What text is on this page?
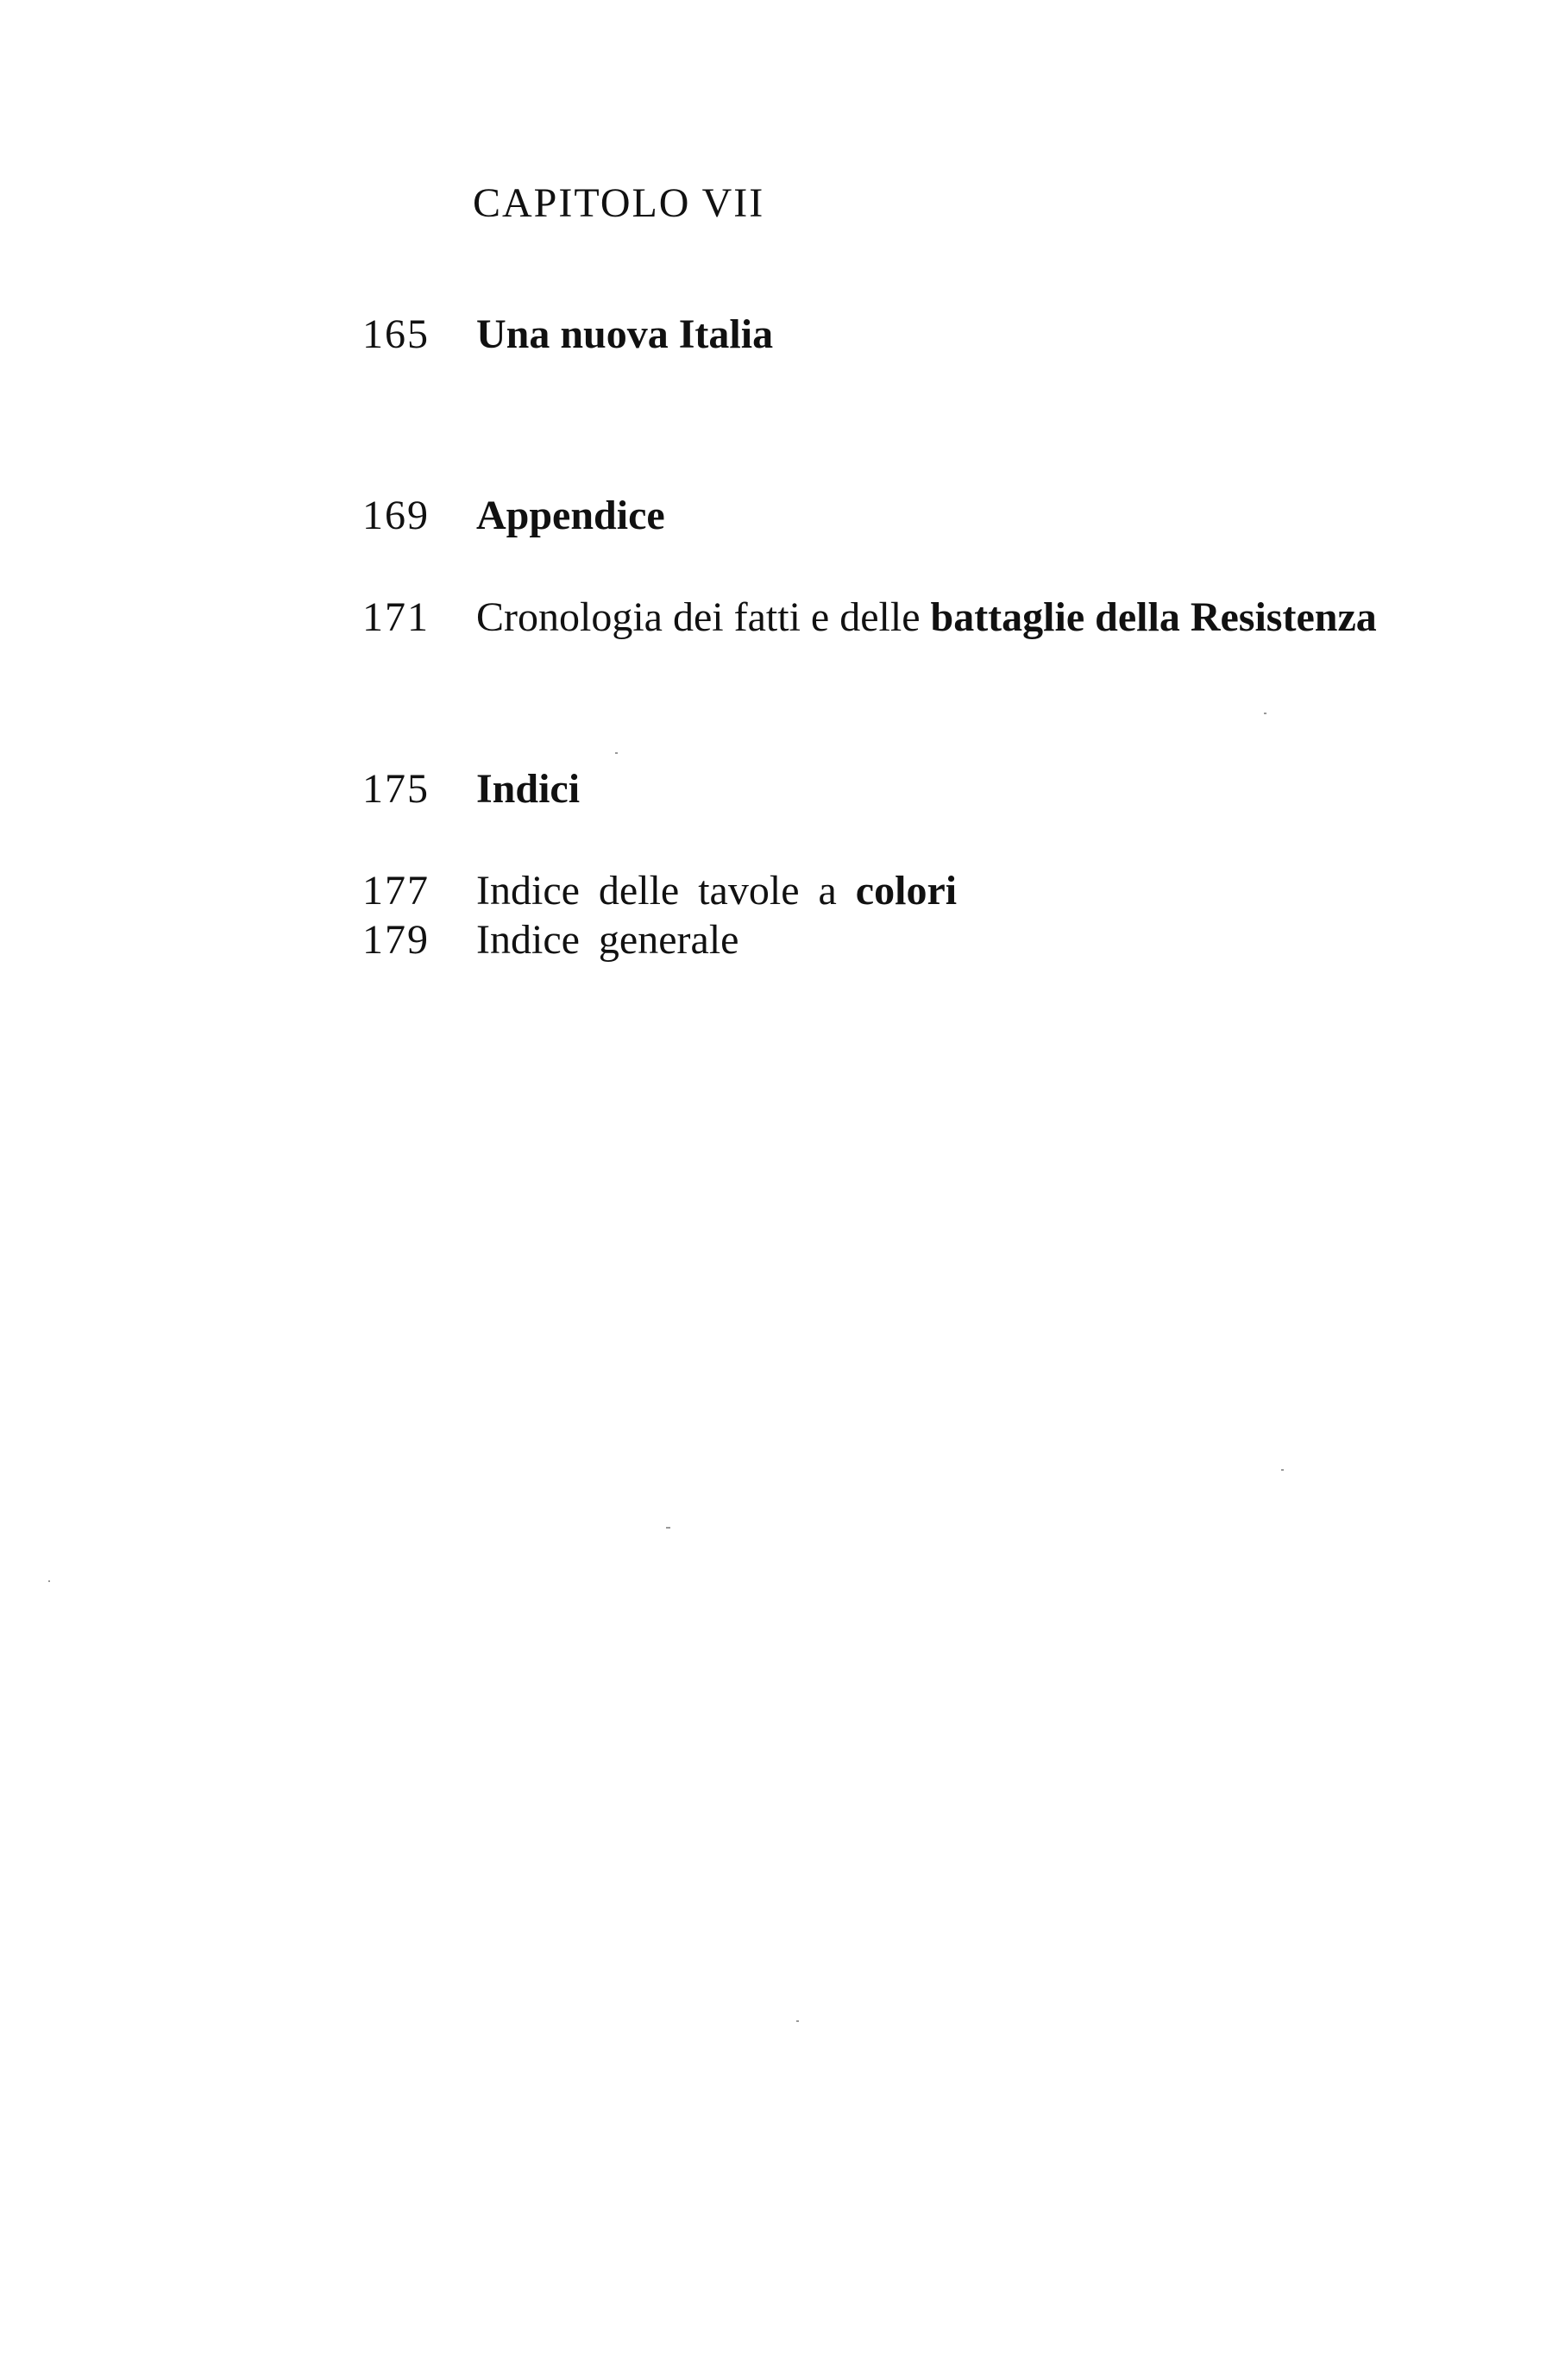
CAPITOLO VII
165 Una nuova Italia
169 Appendice
171 Cronologia dei fatti e delle battaglie della Resistenza
175 Indici
177 Indice delle tavole a colori
179 Indice generale
